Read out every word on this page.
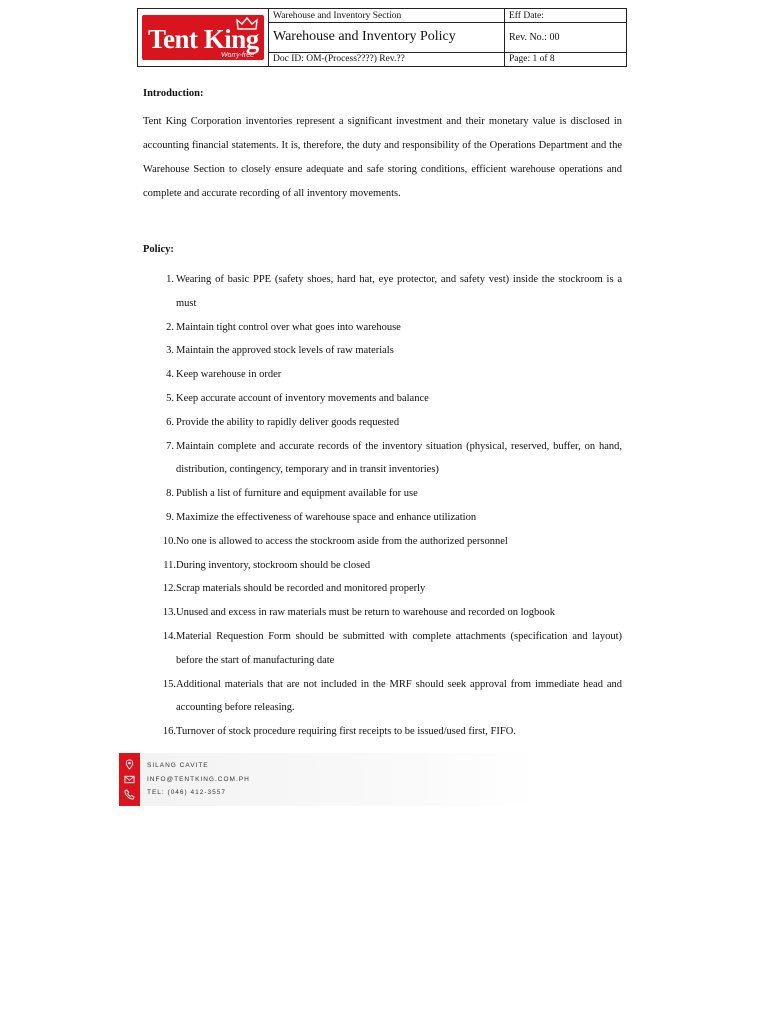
Tent King
Worry-free	Warehouse and Inventory Section	Eff Date:
	Warehouse and Inventory Policy	Rev. No.: 00
	Doc ID: OM-(Process????) Rev.??	Page: 1 of 8

Introduction:

Tent King Corporation inventories represent a significant investment and their monetary value is disclosed in accounting financial statements. It is, therefore, the duty and responsibility of the Operations Department and the Warehouse Section to closely ensure adequate and safe storing conditions, efficient warehouse operations and complete and accurate recording of all inventory movements.

Policy:

1. Wearing of basic PPE (safety shoes, hard hat, eye protector, and safety vest) inside the stockroom is a must
2. Maintain tight control over what goes into warehouse
3. Maintain the approved stock levels of raw materials
4. Keep warehouse in order
5. Keep accurate account of inventory movements and balance
6. Provide the ability to rapidly deliver goods requested
7. Maintain complete and accurate records of the inventory situation (physical, reserved, buffer, on hand, distribution, contingency, temporary and in transit inventories)
8. Publish a list of furniture and equipment available for use
9. Maximize the effectiveness of warehouse space and enhance utilization
10. No one is allowed to access the stockroom aside from the authorized personnel
11. During inventory, stockroom should be closed
12. Scrap materials should be recorded and monitored properly
13. Unused and excess in raw materials must be return to warehouse and recorded on logbook
14. Material Requestion Form should be submitted with complete attachments (specification and layout) before the start of manufacturing date
15. Additional materials that are not included in the MRF should seek approval from immediate head and accounting before releasing.
16. Turnover of stock procedure requiring first receipts to be issued/used first, FIFO.
SILANG CAVITE
INFO@TENTKING.COM.PH
TEL: (046) 412-3557
